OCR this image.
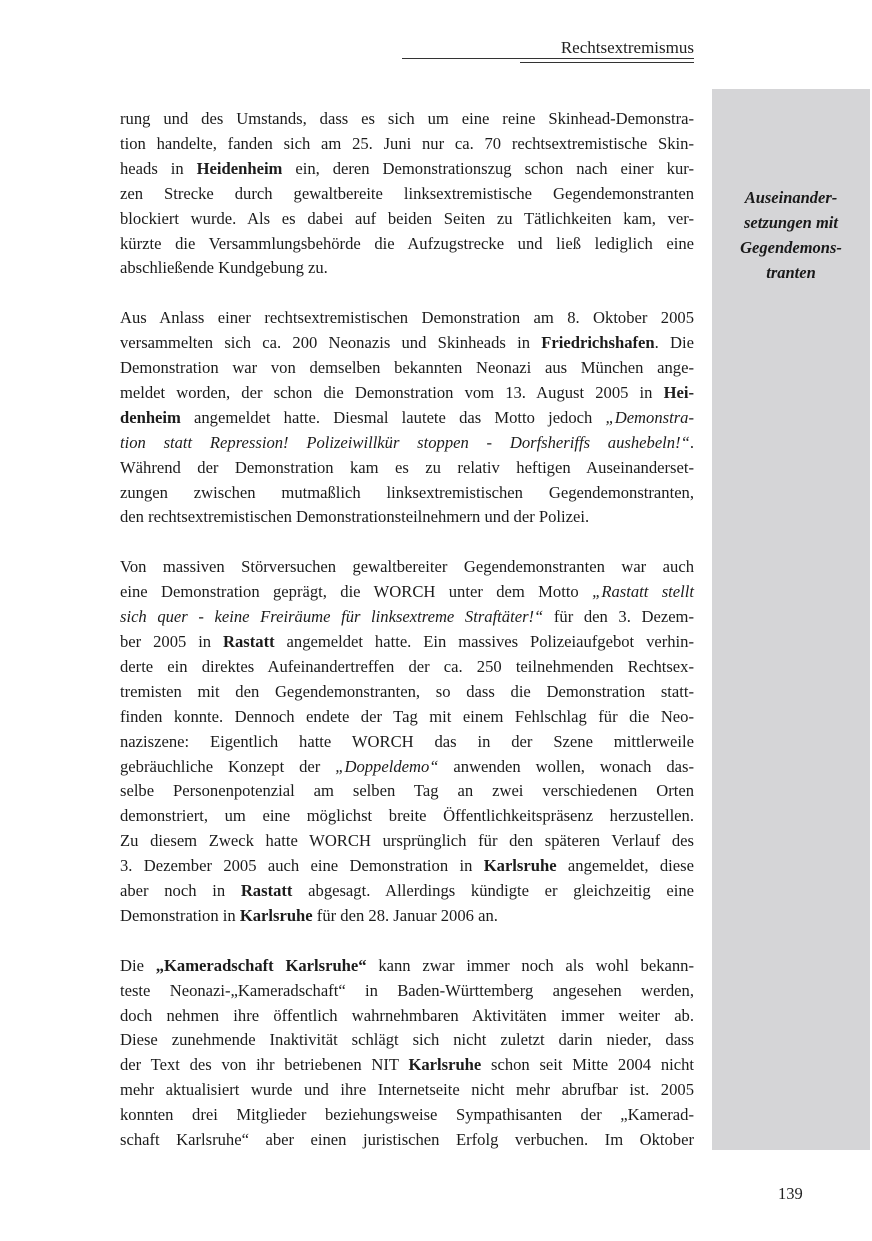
Rechtsextremismus
Auseinander-
setzungen mit
Gegendemons-
tranten
rung und des Umstands, dass es sich um eine reine Skinhead-Demonstra-
tion handelte, fanden sich am 25. Juni nur ca. 70 rechtsextremistische Skin-
heads in Heidenheim ein, deren Demonstrationszug schon nach einer kur-
zen Strecke durch gewaltbereite linksextremistische Gegendemonstranten
blockiert wurde. Als es dabei auf beiden Seiten zu Tätlichkeiten kam, ver-
kürzte die Versammlungsbehörde die Aufzugstrecke und ließ lediglich eine
abschließende Kundgebung zu.
Aus Anlass einer rechtsextremistischen Demonstration am 8. Oktober 2005
versammelten sich ca. 200 Neonazis und Skinheads in Friedrichshafen. Die
Demonstration war von demselben bekannten Neonazi aus München ange-
meldet worden, der schon die Demonstration vom 13. August 2005 in Hei-
denheim angemeldet hatte. Diesmal lautete das Motto jedoch „Demonstra-
tion statt Repression! Polizeiwillkür stoppen - Dorfsheriffs aushebeln!“.
Während der Demonstration kam es zu relativ heftigen Auseinanderset-
zungen zwischen mutmaßlich linksextremistischen Gegendemonstranten,
den rechtsextremistischen Demonstrationsteilnehmern und der Polizei.
Von massiven Störversuchen gewaltbereiter Gegendemonstranten war auch
eine Demonstration geprägt, die WORCH unter dem Motto „Rastatt stellt
sich quer - keine Freiräume für linksextreme Straftäter!“ für den 3. Dezem-
ber 2005 in Rastatt angemeldet hatte. Ein massives Polizeiaufgebot verhin-
derte ein direktes Aufeinandertreffen der ca. 250 teilnehmenden Rechtsex-
tremisten mit den Gegendemonstranten, so dass die Demonstration statt-
finden konnte. Dennoch endete der Tag mit einem Fehlschlag für die Neo-
naziszene: Eigentlich hatte WORCH das in der Szene mittlerweile
gebräuchliche Konzept der „Doppeldemo“ anwenden wollen, wonach das-
selbe Personenpotenzial am selben Tag an zwei verschiedenen Orten
demonstriert, um eine möglichst breite Öffentlichkeitspräsenz herzustellen.
Zu diesem Zweck hatte WORCH ursprünglich für den späteren Verlauf des
3. Dezember 2005 auch eine Demonstration in Karlsruhe angemeldet, diese
aber noch in Rastatt abgesagt. Allerdings kündigte er gleichzeitig eine
Demonstration in Karlsruhe für den 28. Januar 2006 an.
Die „Kameradschaft Karlsruhe“ kann zwar immer noch als wohl bekann-
teste Neonazi-„Kameradschaft“ in Baden-Württemberg angesehen werden,
doch nehmen ihre öffentlich wahrnehmbaren Aktivitäten immer weiter ab.
Diese zunehmende Inaktivität schlägt sich nicht zuletzt darin nieder, dass
der Text des von ihr betriebenen NIT Karlsruhe schon seit Mitte 2004 nicht
mehr aktualisiert wurde und ihre Internetseite nicht mehr abrufbar ist. 2005
konnten drei Mitglieder beziehungsweise Sympathisanten der „Kamerad-
schaft Karlsruhe“ aber einen juristischen Erfolg verbuchen. Im Oktober
139
